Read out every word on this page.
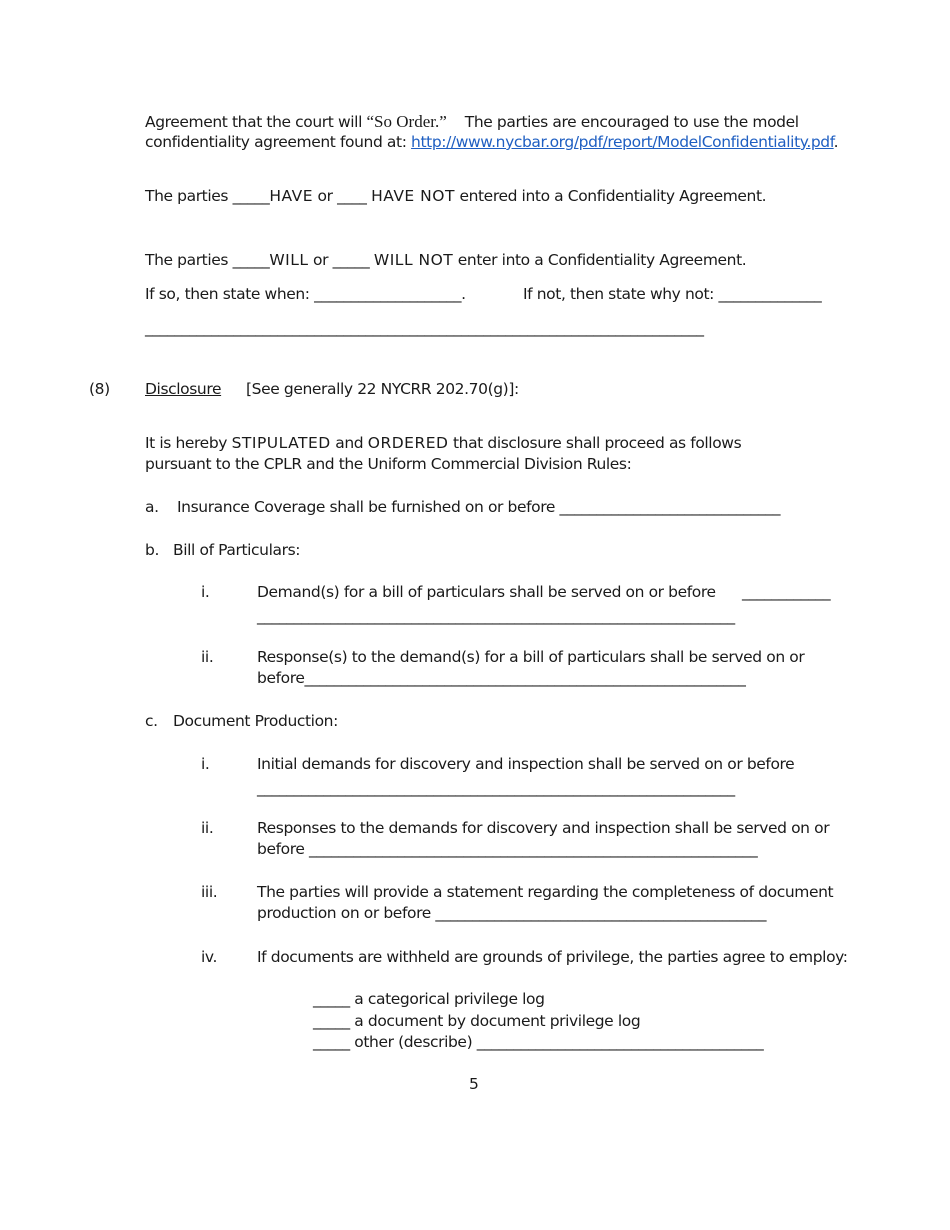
Agreement that the court will “So Order.” The parties are encouraged to use the model
confidentiality agreement found at: http://www.nycbar.org/pdf/report/ModelConfidentiality.pdf.
The parties _____HAVE or ____ HAVE NOT entered into a Confidentiality Agreement.
The parties _____WILL or _____ WILL NOT enter into a Confidentiality Agreement.
If so, then state when: ____________________.	If not, then state why not: ______________
____________________________________________________________________________
(8) Disclosure [See generally 22 NYCRR 202.70(g)]:
It is hereby STIPULATED and ORDERED that disclosure shall proceed as follows
pursuant to the CPLR and the Uniform Commercial Division Rules:
a. Insurance Coverage shall be furnished on or before ______________________________
b. Bill of Particulars:
i.	Demand(s) for a bill of particulars shall be served on or before ____________
_________________________________________________________________
ii.	Response(s) to the demand(s) for a bill of particulars shall be served on or
before____________________________________________________________
c. Document Production:
i.	Initial demands for discovery and inspection shall be served on or before
_________________________________________________________________
ii.	Responses to the demands for discovery and inspection shall be served on or
before _____________________________________________________________
iii.	The parties will provide a statement regarding the completeness of document
production on or before _____________________________________________
iv.	If documents are withheld are grounds of privilege, the parties agree to employ:
_____ a categorical privilege log
_____ a document by document privilege log
_____ other (describe) _______________________________________
5
